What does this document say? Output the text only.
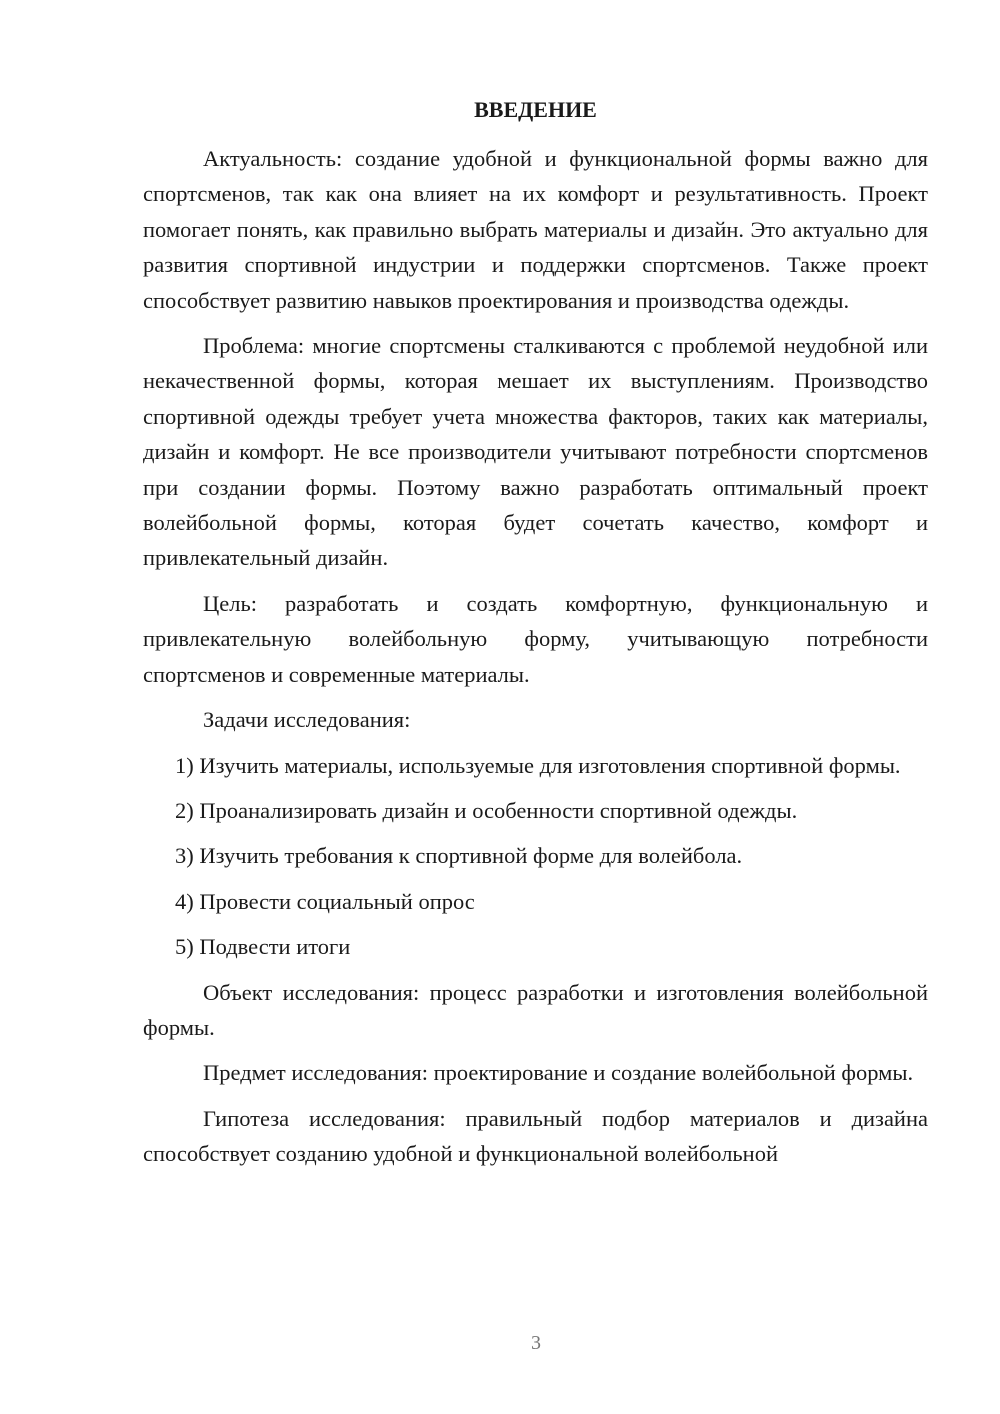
ВВЕДЕНИЕ

Актуальность: создание удобной и функциональной формы важно для спортсменов, так как она влияет на их комфорт и результативность. Проект помогает понять, как правильно выбрать материалы и дизайн. Это актуально для развития спортивной индустрии и поддержки спортсменов. Также проект способствует развитию навыков проектирования и производства одежды.

Проблема: многие спортсмены сталкиваются с проблемой неудобной или некачественной формы, которая мешает их выступлениям. Производство спортивной одежды требует учета множества факторов, таких как материалы, дизайн и комфорт. Не все производители учитывают потребности спортсменов при создании формы. Поэтому важно разработать оптимальный проект волейбольной формы, которая будет сочетать качество, комфорт и привлекательный дизайн.

Цель: разработать и создать комфортную, функциональную и привлекательную волейбольную форму, учитывающую потребности спортсменов и современные материалы.

Задачи исследования:

1) Изучить материалы, используемые для изготовления спортивной формы.

2) Проанализировать дизайн и особенности спортивной одежды.

3) Изучить требования к спортивной форме для волейбола.

4) Провести социальный опрос

5) Подвести итоги

Объект исследования: процесс разработки и изготовления волейбольной формы.

Предмет исследования: проектирование и создание волейбольной формы.

Гипотеза исследования: правильный подбор материалов и дизайна способствует созданию удобной и функциональной волейбольной

3
